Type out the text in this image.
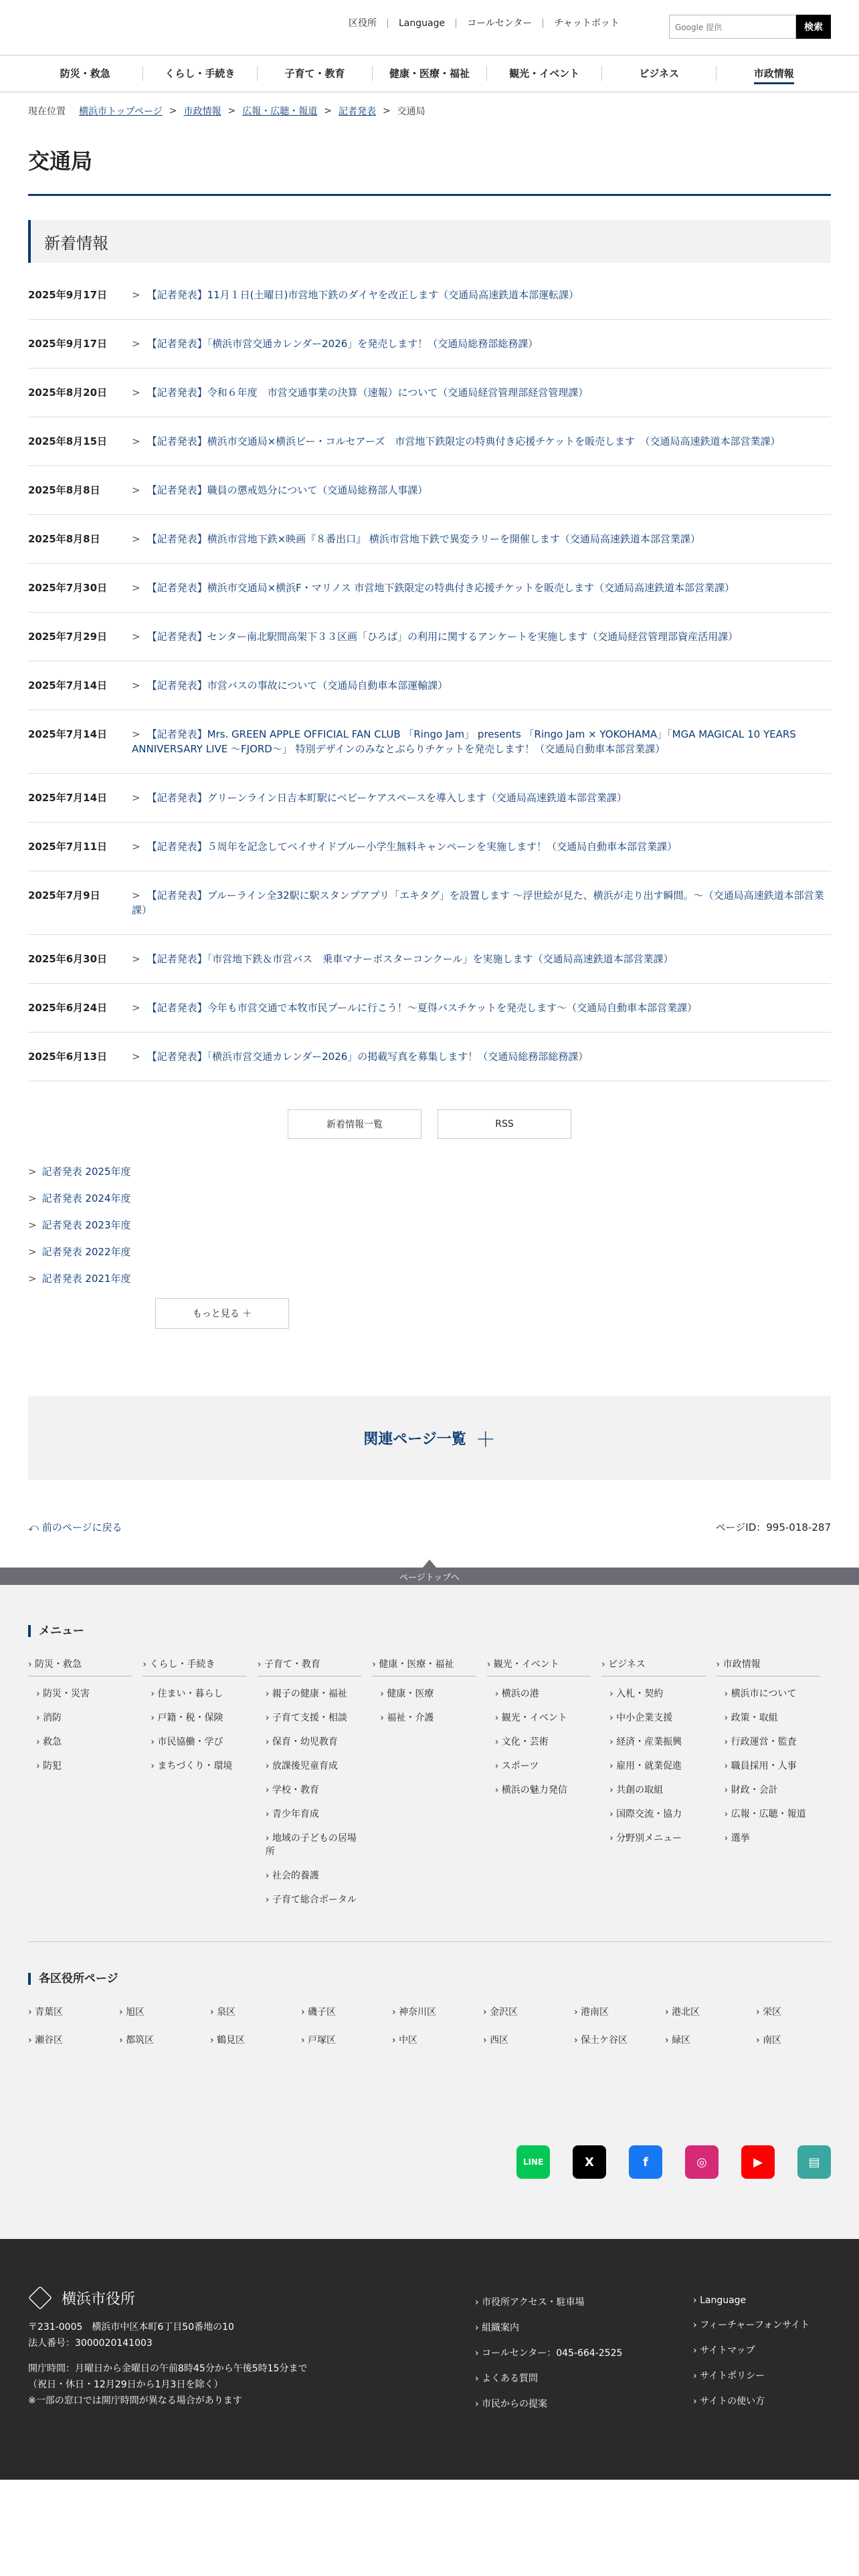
区役所	Language	コールセンター	チャットボット	Google 提供	検索
防災・救急	くらし・手続き	子育て・教育	健康・医療・福祉	観光・イベント	ビジネス	市政情報
現在位置 横浜市トップページ > 市政情報 > 広報・広聴・報道 > 記者発表 > 交通局
交通局
新着情報
2025年9月17日	> 【記者発表】11月１日(土曜日)市営地下鉄のダイヤを改正します（交通局高速鉄道本部運転課）
2025年9月17日	> 【記者発表】「横浜市営交通カレンダー2026」を発売します！（交通局総務部総務課）
2025年8月20日	> 【記者発表】令和６年度　市営交通事業の決算（速報）について（交通局経営管理部経営管理課）
2025年8月15日	> 【記者発表】横浜市交通局×横浜ビー・コルセアーズ　市営地下鉄限定の特典付き応援チケットを販売します　（交通局高速鉄道本部営業課）
2025年8月8日	> 【記者発表】職員の懲戒処分について（交通局総務部人事課）
2025年8月8日	> 【記者発表】横浜市営地下鉄×映画『８番出口』 横浜市営地下鉄で異変ラリーを開催します（交通局高速鉄道本部営業課）
2025年7月30日	> 【記者発表】横浜市交通局×横浜F・マリノス 市営地下鉄限定の特典付き応援チケットを販売します（交通局高速鉄道本部営業課）
2025年7月29日	> 【記者発表】センター南北駅間高架下３３区画「ひろば」の利用に関するアンケートを実施します（交通局経営管理部資産活用課）
2025年7月14日	> 【記者発表】市営バスの事故について（交通局自動車本部運輸課）
2025年7月14日	> 【記者発表】Mrs. GREEN APPLE OFFICIAL FAN CLUB 「Ringo Jam」 presents 「Ringo Jam × YOKOHAMA」「MGA MAGICAL 10 YEARS ANNIVERSARY LIVE ～FJORD～」 特別デザインのみなとぶらりチケットを発売します！（交通局自動車本部営業課）
2025年7月14日	> 【記者発表】グリーンライン日吉本町駅にベビーケアスペースを導入します（交通局高速鉄道本部営業課）
2025年7月11日	> 【記者発表】５周年を記念してベイサイドブルー小学生無料キャンペーンを実施します！（交通局自動車本部営業課）
2025年7月9日	> 【記者発表】ブルーライン全32駅に駅スタンプアプリ「エキタグ」を設置します ～浮世絵が見た、横浜が走り出す瞬間。～（交通局高速鉄道本部営業課）
2025年6月30日	> 【記者発表】「市営地下鉄＆市営バス　乗車マナーポスターコンクール」を実施します（交通局高速鉄道本部営業課）
2025年6月24日	> 【記者発表】今年も市営交通で本牧市民プールに行こう！～夏得バスチケットを発売します～（交通局自動車本部営業課）
2025年6月13日	> 【記者発表】「横浜市営交通カレンダー2026」の掲載写真を募集します！（交通局総務部総務課）
新着情報一覧	RSS
> 記者発表 2025年度
> 記者発表 2024年度
> 記者発表 2023年度
> 記者発表 2022年度
> 記者発表 2021年度
もっと見る ＋
関連ページ一覧 ＋
⤺ 前のページに戻る	ページID：995-018-287
ページトップへ
メニュー
› 防災・救急
› 防災・災害
› 消防
› 救急
› 防犯
› くらし・手続き
› 住まい・暮らし
› 戸籍・税・保険
› 市民協働・学び
› まちづくり・環境
› 子育て・教育
› 親子の健康・福祉
› 子育て支援・相談
› 保育・幼児教育
› 放課後児童育成
› 学校・教育
› 青少年育成
› 地域の子どもの居場所
› 社会的養護
› 子育て総合ポータル
› 健康・医療・福祉
› 健康・医療
› 福祉・介護
› 観光・イベント
› 横浜の港
› 観光・イベント
› 文化・芸術
› スポーツ
› 横浜の魅力発信
› ビジネス
› 入札・契約
› 中小企業支援
› 経済・産業振興
› 雇用・就業促進
› 共創の取組
› 国際交流・協力
› 分野別メニュー
› 市政情報
› 横浜市について
› 政策・取組
› 行政運営・監査
› 職員採用・人事
› 財政・会計
› 広報・広聴・報道
› 選挙
各区役所ページ
› 青葉区	› 旭区	› 泉区	› 磯子区	› 神奈川区	› 金沢区	› 港南区	› 港北区	› 栄区
› 瀬谷区	› 都筑区	› 鶴見区	› 戸塚区	› 中区	› 西区	› 保土ケ谷区	› 緑区	› 南区
LINE	X	f	◎	▶	▤
横浜市役所
〒231-0005　横浜市中区本町6丁目50番地の10
法人番号：3000020141003
開庁時間：月曜日から金曜日の午前8時45分から午後5時15分まで
（祝日・休日・12月29日から1月3日を除く）
※一部の窓口では開庁時間が異なる場合があります
› 市役所アクセス・駐車場
› 組織案内
› コールセンター：045-664-2525
› よくある質問
› 市民からの提案
› Language
› フィーチャーフォンサイト
› サイトマップ
› サイトポリシー
› サイトの使い方
